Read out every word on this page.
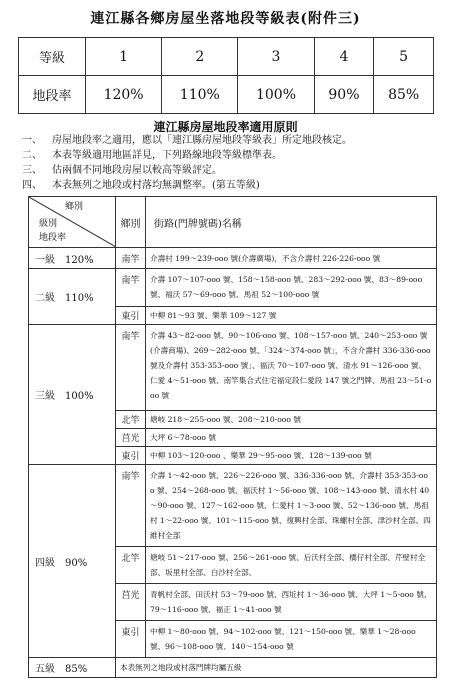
連江縣各鄉房屋坐落地段等級表(附件三)
等級	1	2	3	4	5
地段率	120%	110%	100%	90%	85%
連江縣房屋地段率適用原則
一、	房屋地段率之適用，應以「連江縣房屋地段等級表」所定地段核定。
二、	本表等級適用地區詳見，下列路線地段等級標準表。
三、	估兩個不同地段房屋以較高等級評定。
四、	本表無列之地段或村落均無調整率。(第五等級)
鄉別
級別
地段率	鄉別	街路(門牌號碼)名稱
一級　120%	南竿	介壽村 199～239-ooo 號(介壽廣場)，不含介壽村 226-226-ooo 號
二級　110%	南竿	介壽 107～107-ooo 號、158～158-ooo 號、283～292-ooo 號、83～89-ooo 號、福沃 57～69-ooo 號、馬祖 52～100-ooo 號
	東引	中柳 81～93 號、樂華 109～127 號
三級　100%	南竿	介壽 43～82-ooo 號、90～106-ooo 號、108～157-ooo 號、240～253-ooo 號(介壽商場)、269～282-ooo 號、「324～374-ooo 號」，不含介壽村 336-336-ooo 號及介壽村 353-353-ooo 號」、福沃 70～107-ooo 號、清水 91～126-ooo 號、仁愛 4～51-ooo 號、南竿集合式住宅福定段仁愛段 147 號之門牌、馬祖 23～51-ooo 號
	北竿	塘岐 218～255-ooo 號、208～210-ooo 號
	莒光	大坪 6～78-ooo 號
	東引	中柳 103～120-ooo 、樂華 29～95-ooo 號、128～139-ooo 號
四級　90%	南竿	介壽 1～42-ooo 號、226～226-ooo 號、336-336-ooo 號、介壽村 353-353-ooo 號、254～268-ooo 號、福沃村 1～56-ooo 號、108～143-ooo 號、清水村 40～90-ooo 號、127～162-ooo 號、仁愛村 1～3-ooo 號、52～136-ooo 號、馬祖村 1～22-ooo 號、101～115-ooo 號、復興村全部、珠螺村全部、津沙村全部、四維村全部
	北竿	塘岐 51～217-ooo 號、256～261-ooo 號、后沃村全部、橋仔村全部、芹壁村全部、坂里村全部、白沙村全部。
	莒光	青帆村全部、田沃村 53～79-ooo 號、西坵村 1～36-ooo 號、大坪 1～5-ooo 號、79～116-ooo 號、福正 1～41-ooo 號
	東引	中柳 1～80-ooo 號、94～102-ooo 號、121～150-ooo 號、樂華 1～28-ooo 號、96～108-ooo 號、140～154-ooo 號
五級　85%	本表無列之地段或村落門牌均屬五級	
